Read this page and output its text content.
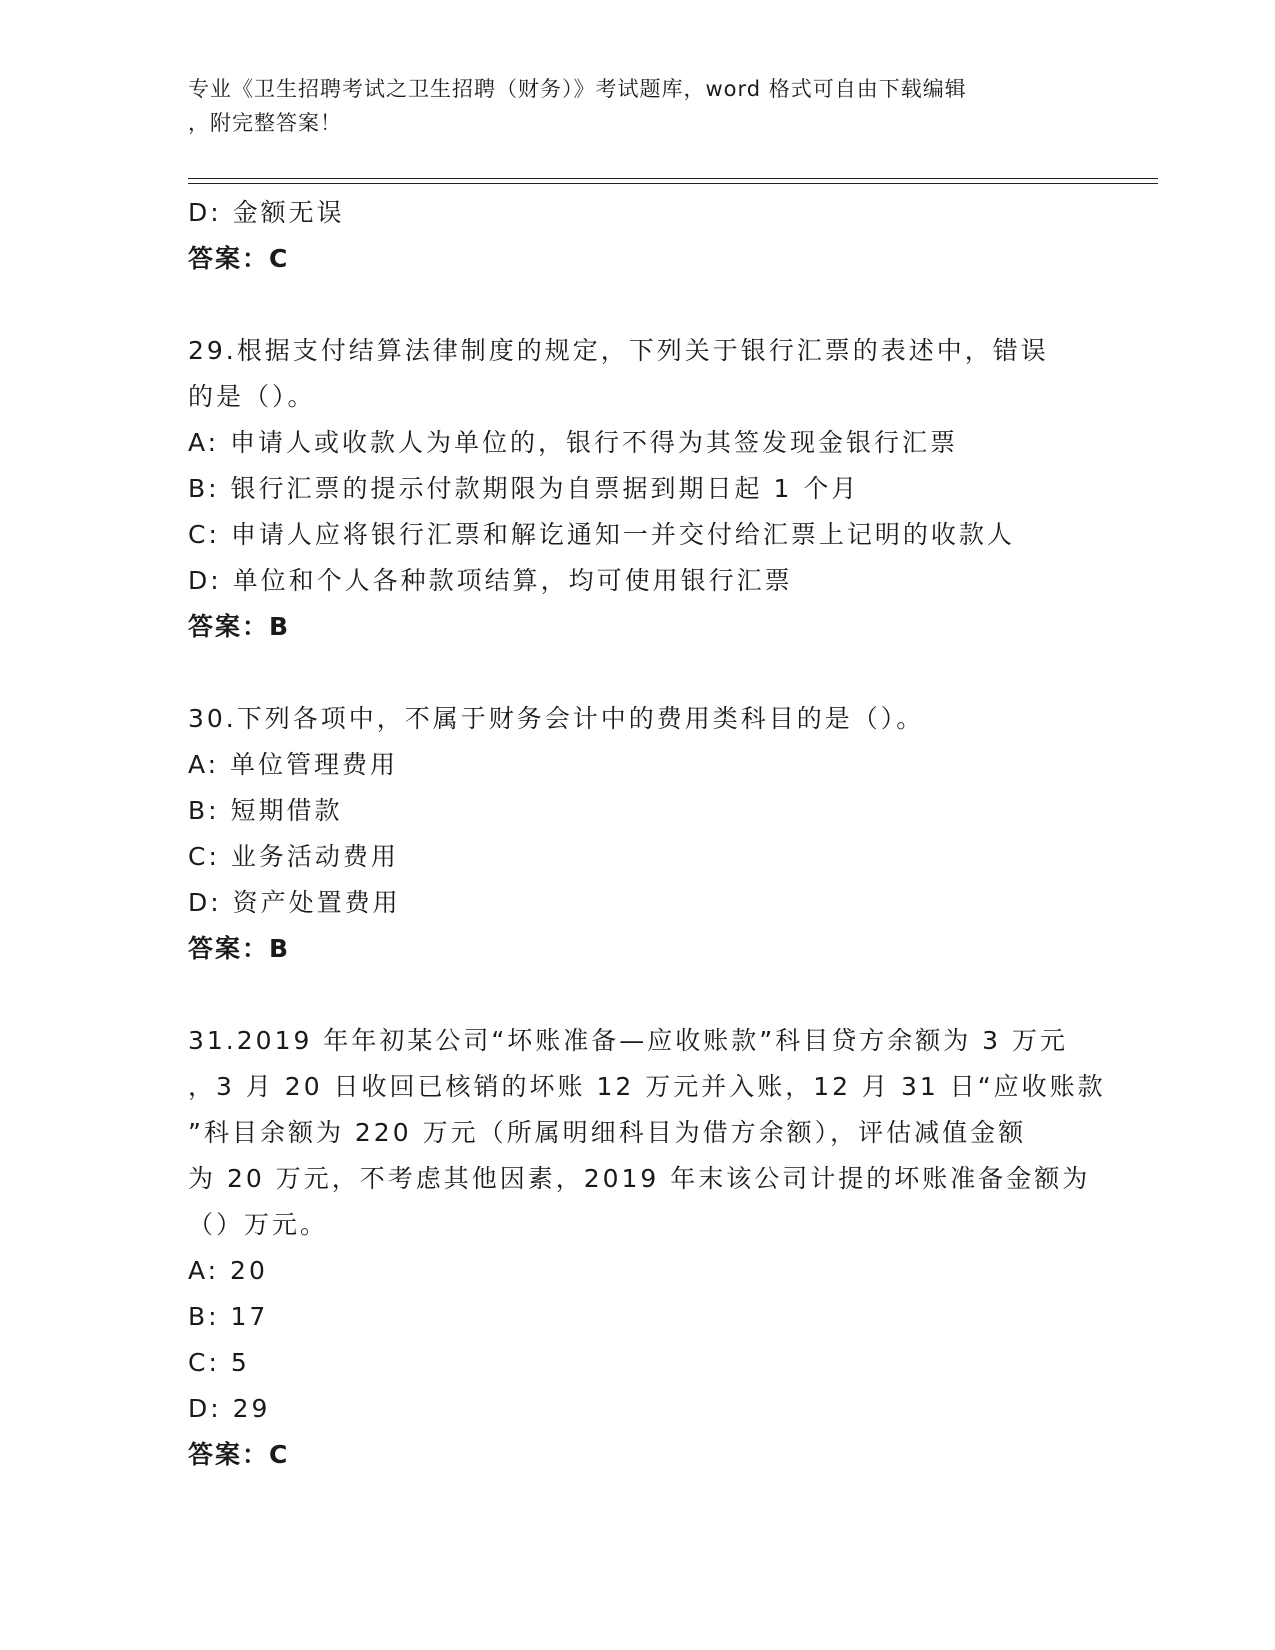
专业《卫生招聘考试之卫生招聘（财务）》考试题库，word 格式可自由下载编辑
，附完整答案！
D: 金额无误
答案：C
29.根据支付结算法律制度的规定，下列关于银行汇票的表述中，错误
的是（）。
A: 申请人或收款人为单位的，银行不得为其签发现金银行汇票
B: 银行汇票的提示付款期限为自票据到期日起 1 个月
C: 申请人应将银行汇票和解讫通知一并交付给汇票上记明的收款人
D: 单位和个人各种款项结算，均可使用银行汇票
答案：B
30.下列各项中，不属于财务会计中的费用类科目的是（）。
A: 单位管理费用
B: 短期借款
C: 业务活动费用
D: 资产处置费用
答案：B
31.2019 年年初某公司“坏账准备—应收账款”科目贷方余额为 3 万元
，3 月 20 日收回已核销的坏账 12 万元并入账，12 月 31 日“应收账款
”科目余额为 220 万元（所属明细科目为借方余额），评估减值金额
为 20 万元，不考虑其他因素，2019 年末该公司计提的坏账准备金额为
（）万元。
A: 20
B: 17
C: 5
D: 29
答案：C
